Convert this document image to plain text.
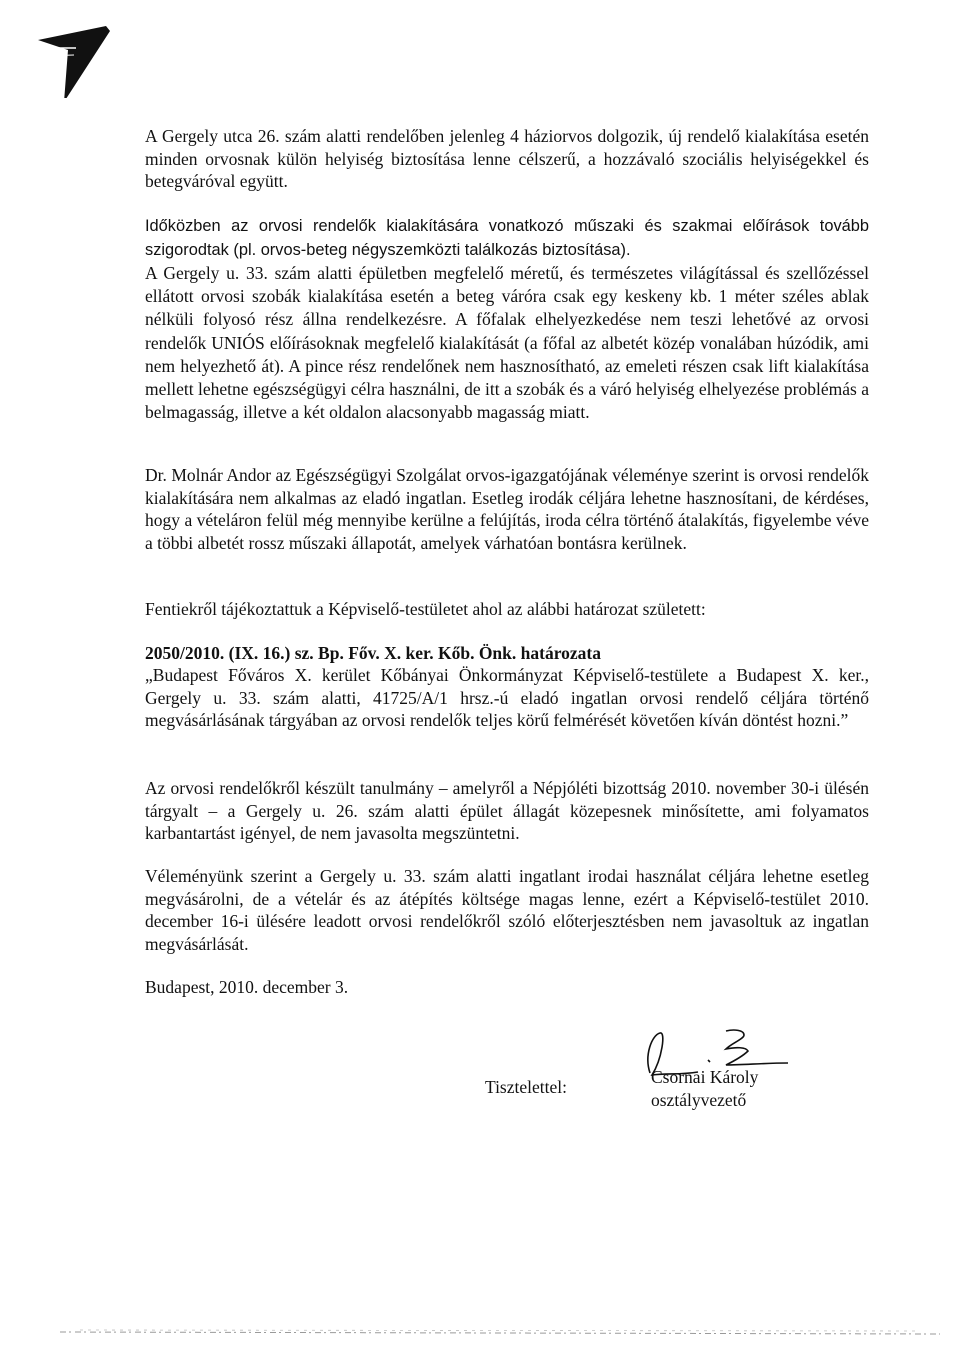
A Gergely utca 26. szám alatti rendelőben jelenleg 4 háziorvos dolgozik, új rendelő kialakítása esetén minden orvosnak külön helyiség biztosítása lenne célszerű, a hozzávaló szociális helyiségekkel és betegváróval együtt.

Időközben az orvosi rendelők kialakítására vonatkozó műszaki és szakmai előírások tovább szigorodtak (pl. orvos-beteg négyszemközti találkozás biztosítása).

A Gergely u. 33. szám alatti épületben megfelelő méretű, és természetes világítással és szellőzéssel ellátott orvosi szobák kialakítása esetén a beteg váróra csak egy keskeny kb. 1 méter széles ablak nélküli folyosó rész állna rendelkezésre. A főfalak elhelyezkedése nem teszi lehetővé az orvosi rendelők UNIÓS előírásoknak megfelelő kialakítását (a főfal az albetét közép vonalában húzódik, ami nem helyezhető át). A pince rész rendelőnek nem hasznosítható, az emeleti részen csak lift kialakítása mellett lehetne egészségügyi célra használni, de itt a szobák és a váró helyiség elhelyezése problémás a belmagasság, illetve a két oldalon alacsonyabb magasság miatt.

Dr. Molnár Andor az Egészségügyi Szolgálat orvos-igazgatójának véleménye szerint is orvosi rendelők kialakítására nem alkalmas az eladó ingatlan. Esetleg irodák céljára lehetne hasznosítani, de kérdéses, hogy a vételáron felül még mennyibe kerülne a felújítás, iroda célra történő átalakítás, figyelembe véve a többi albetét rossz műszaki állapotát, amelyek várhatóan bontásra kerülnek.

Fentiekről tájékoztattuk a Képviselő-testületet ahol az alábbi határozat született:

2050/2010. (IX. 16.) sz. Bp. Főv. X. ker. Kőb. Önk. határozata

„Budapest Főváros X. kerület Kőbányai Önkormányzat Képviselő-testülete a Budapest X. ker., Gergely u. 33. szám alatti, 41725/A/1 hrsz.-ú eladó ingatlan orvosi rendelő céljára történő megvásárlásának tárgyában az orvosi rendelők teljes körű felmérését követően kíván döntést hozni.”

Az orvosi rendelőkről készült tanulmány – amelyről a Népjóléti bizottság 2010. november 30-i ülésén tárgyalt – a Gergely u. 26. szám alatti épület állagát közepesnek minősítette, ami folyamatos karbantartást igényel, de nem javasolta megszüntetni.

Véleményünk szerint a Gergely u. 33. szám alatti ingatlant irodai használat céljára lehetne esetleg megvásárolni, de a vételár és az átépítés költsége magas lenne, ezért a Képviselő-testület 2010. december 16-i ülésére leadott orvosi rendelőkről szóló előterjesztésben nem javasoltuk az ingatlan megvásárlását.

Budapest, 2010. december 3.

Tisztelettel:	Csornai Károly
osztályvezető
